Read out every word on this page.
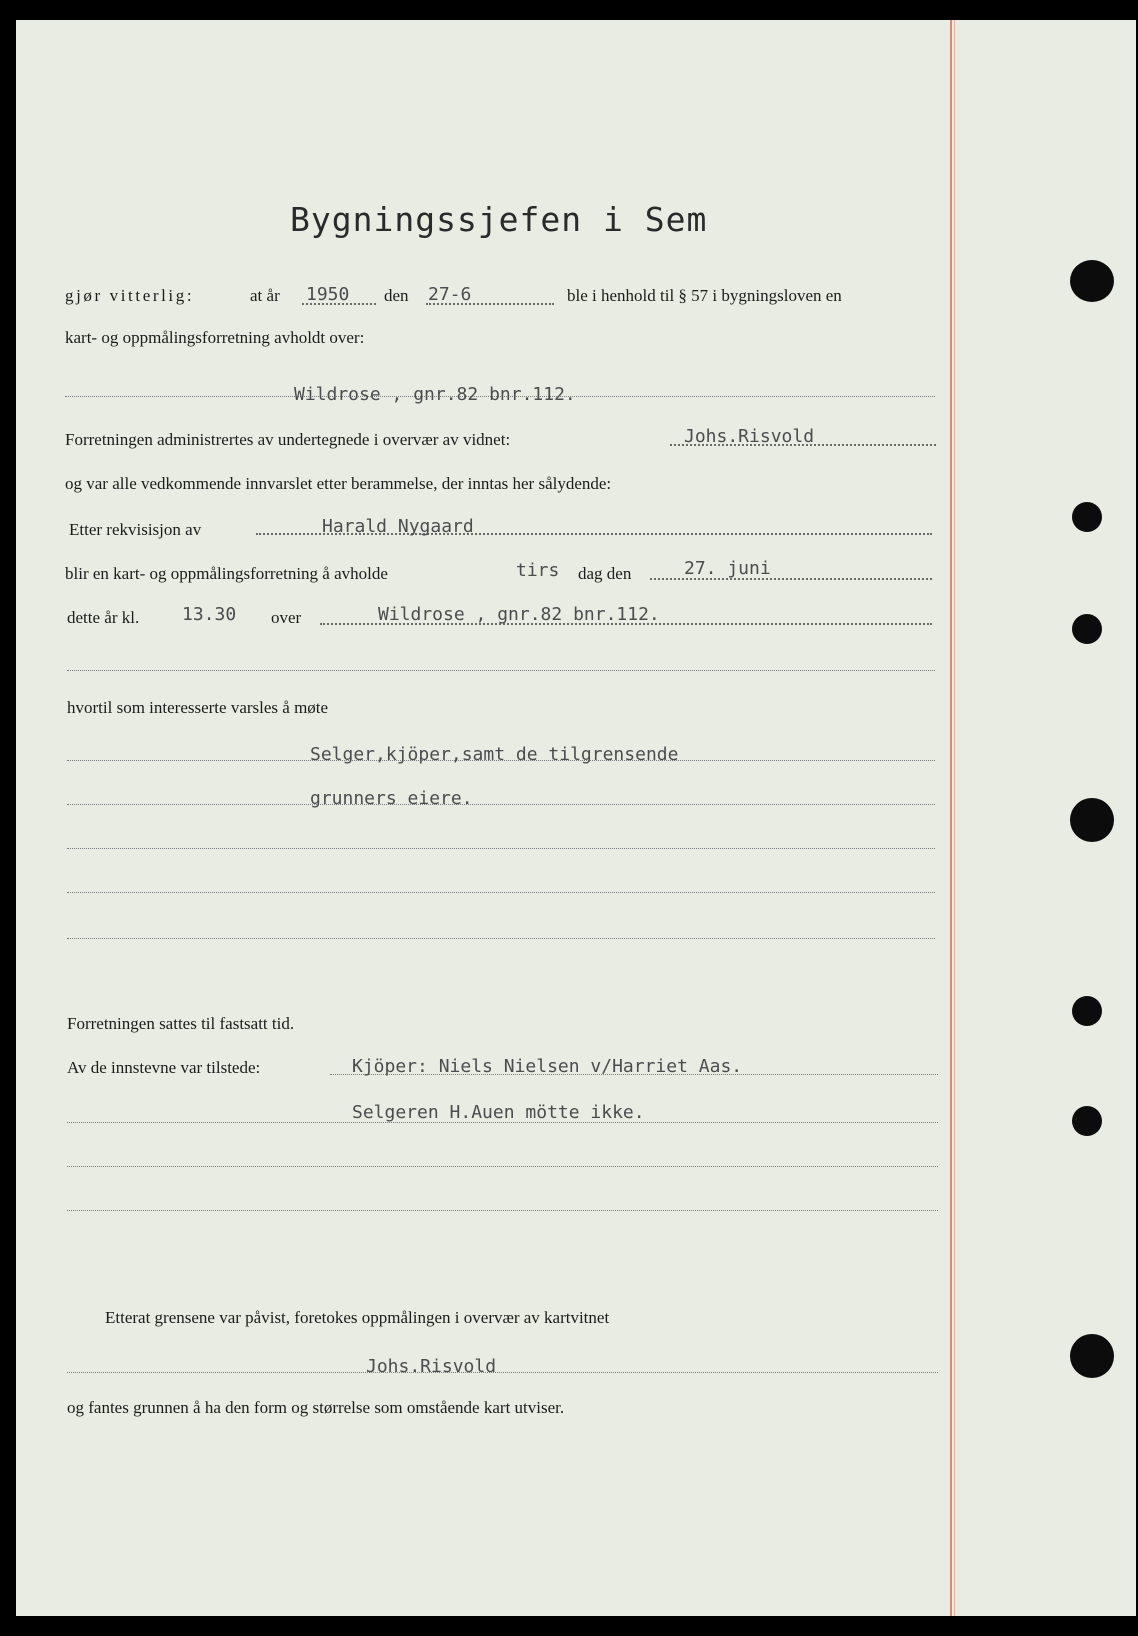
Bygningssjefen i Sem
gjør vitterlig:	at år 1950 den 27-6	ble i henhold til § 57 i bygningsloven en
kart- og oppmålingsforretning avholdt over:
Wildrose , gnr.82 bnr.112.
Forretningen administrertes av undertegnede i overvær av vidnet:	Johs.Risvold
og var alle vedkommende innvarslet etter berammelse, der inntas her sålydende:
Etter rekvisisjon av	Harald Nygaard
blir en kart- og oppmålingsforretning å avholde	tirs dag den	27. juni
dette år kl. 13.30 over	Wildrose , gnr.82 bnr.112.
hvortil som interesserte varsles å møte
Selger,kjöper,samt de tilgrensende
grunners eiere.
Forretningen sattes til fastsatt tid.
Av de innstevne var tilstede:	Kjöper: Niels Nielsen v/Harriet Aas.
Selgeren H.Auen mötte ikke.
Etterat grensene var påvist, foretokes oppmålingen i overvær av kartvitnet
Johs.Risvold
og fantes grunnen å ha den form og størrelse som omstående kart utviser.
